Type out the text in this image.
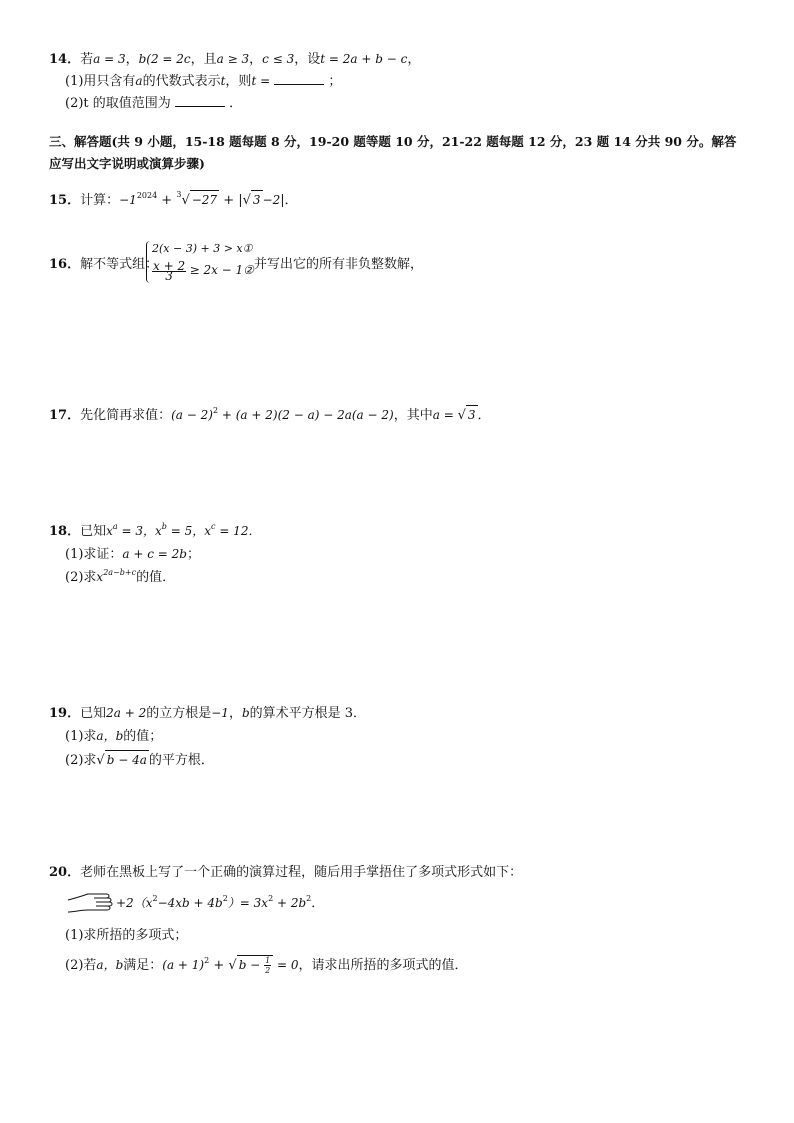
14．若a = 3，b(2 = 2c，且a ≥ 3，c ≤ 3，设t = 2a + b − c，
(1)用只含有a的代数式表示t，则t =	；
(2)t 的取值范围为	．
三、解答题(共 9 小题，15-18 题每题 8 分，19-20 题等题 10 分，21-22 题每题 12 分，23 题 14 分共 90 分。解答
应写出文字说明或演算步骤)
15．计算：$-1^{2024} + ^3√ -27$ + |√ 3 −2|．
16．解不等式组：
2(x − 3) + 3 > x①
$\frac{x + 2}{3} \ge 2x$ − 1② 并写出它的所有非负整数解，
17．先化简再求值：$(a - 2)^2 + (a + 2)(2 - a) - 2a(a - 2)$，其中a = √ 3 ．
18．已知$x^a = 3$，$x^b = 5$，$x^c = 12$．
(1)求证：a + c = 2b；
(2)求$x^{2a-b+c}$的值．
19．已知2a + 2的立方根是−1，b的算术平方根是 3．
(1)求a，b的值；
(2)求√ b − 4a 的平方根．
20．老师在黑板上写了一个正确的演算过程，随后用手掌捂住了多项式形式如下：
$+2(x^2-4xb + 4b^2)= 3x^2 + 2b^2$．
(1)求所捂的多项式；
(2)若a，b满足：$(a + 1)^2$ + √ $b - \frac{1}{2} = 0$，请求出所捂的多项式的值．
